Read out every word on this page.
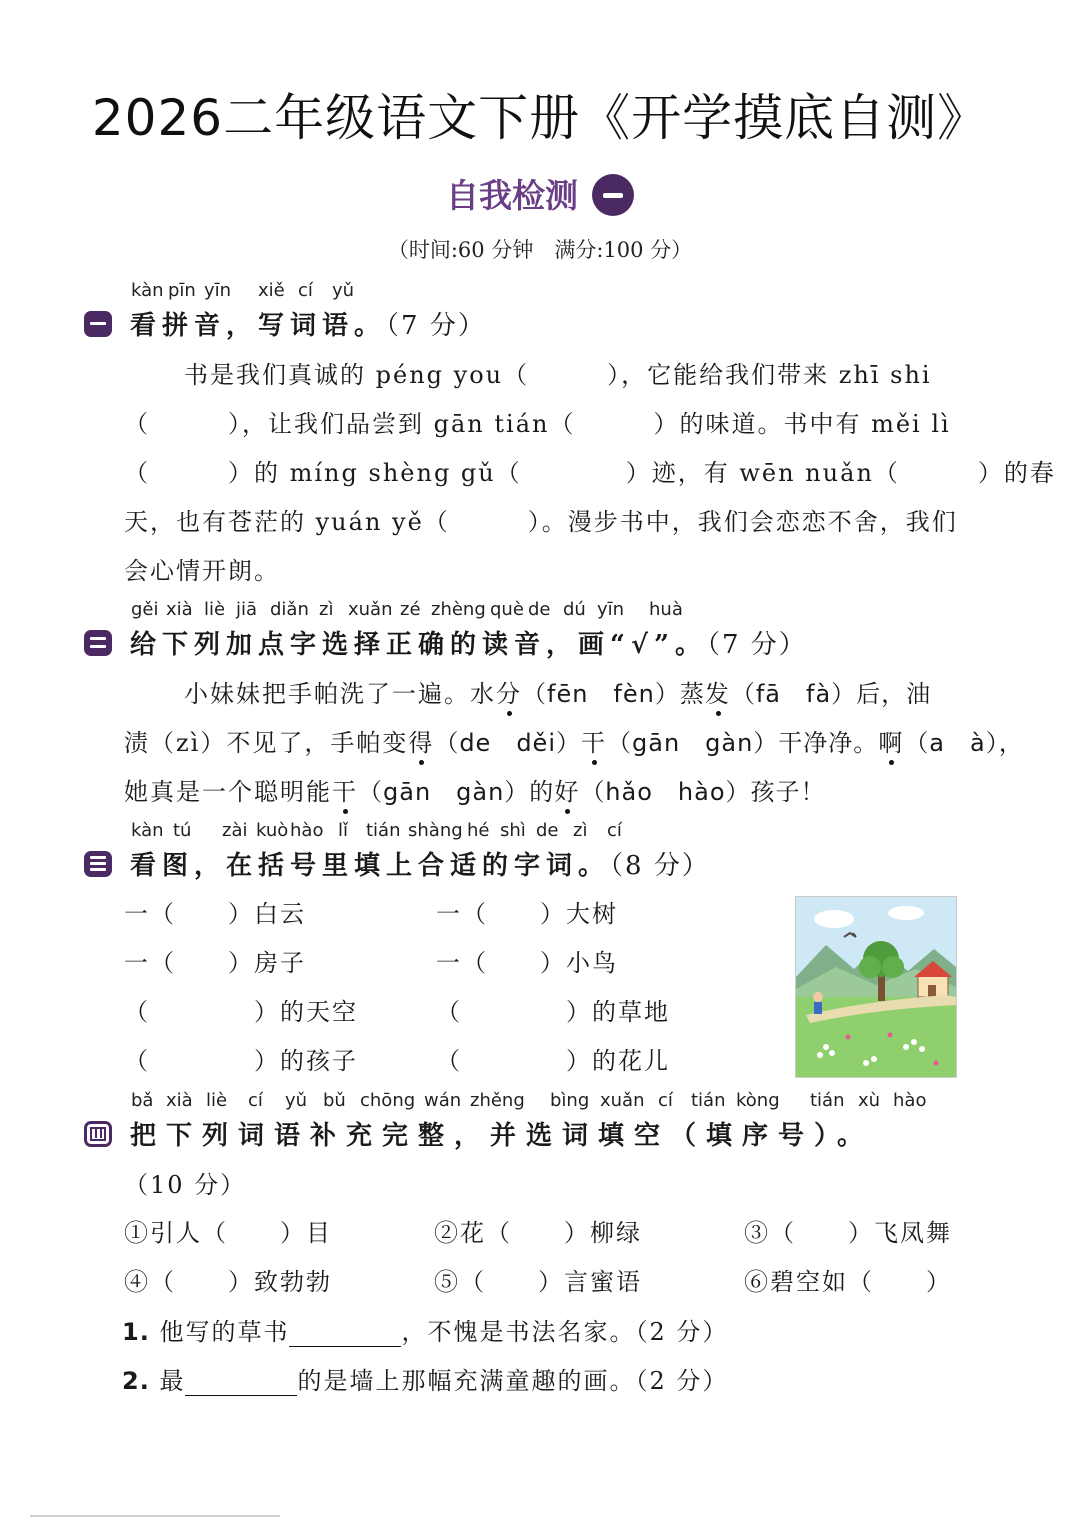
2026二年级语文下册《开学摸底自测》
自我检测
（时间:60 分钟　满分:100 分）
kàn pīn yīn xiě cí yǔ
看拼音，写词语。（7 分）
书是我们真诚的 péng you（　　　），它能给我们带来 zhī shi
（　　　），让我们品尝到 gān tián（　　　）的味道。书中有 měi lì
（　　　）的 míng shèng gǔ（　　　　）迹，有 wēn nuǎn（　　　）的春
天，也有苍茫的 yuán yě（　　　）。漫步书中，我们会恋恋不舍，我们
会心情开朗。
gěi xià liè jiā diǎn zì xuǎn zé zhèng què de dú yīn huà
给下列加点字选择正确的读音，画“√”。（7 分）
小妹妹把手帕洗了一遍。水分（fēn　fèn）蒸发（fā　fà）后，油
渍（zì）不见了，手帕变得（de　děi）干（gān　gàn）干净净。啊（a　à），
她真是一个聪明能干（gān　gàn）的好（hǎo　hào）孩子！
kàn tú zài kuò hào lǐ tián shàng hé shì de zì cí
看图，在括号里填上合适的字词。（8 分）
一（　　）白云	一（　　）大树
一（　　）房子	一（　　）小鸟
（　　　　）的天空	（　　　　）的草地
（　　　　）的孩子	（　　　　）的花儿
bǎ xià liè cí yǔ bǔ chōng wán zhěng bìng xuǎn cí tián kòng tián xù hào
把下列词语补充完整，并选词填空（填序号）。
（10 分）
①引人（　　）目	②花（　　）柳绿	③（　　）飞凤舞
④（　　）致勃勃	⑤（　　）言蜜语	⑥碧空如（　　）
1. 他写的草书	，不愧是书法名家。（2 分）
2. 最	的是墙上那幅充满童趣的画。（2 分）
